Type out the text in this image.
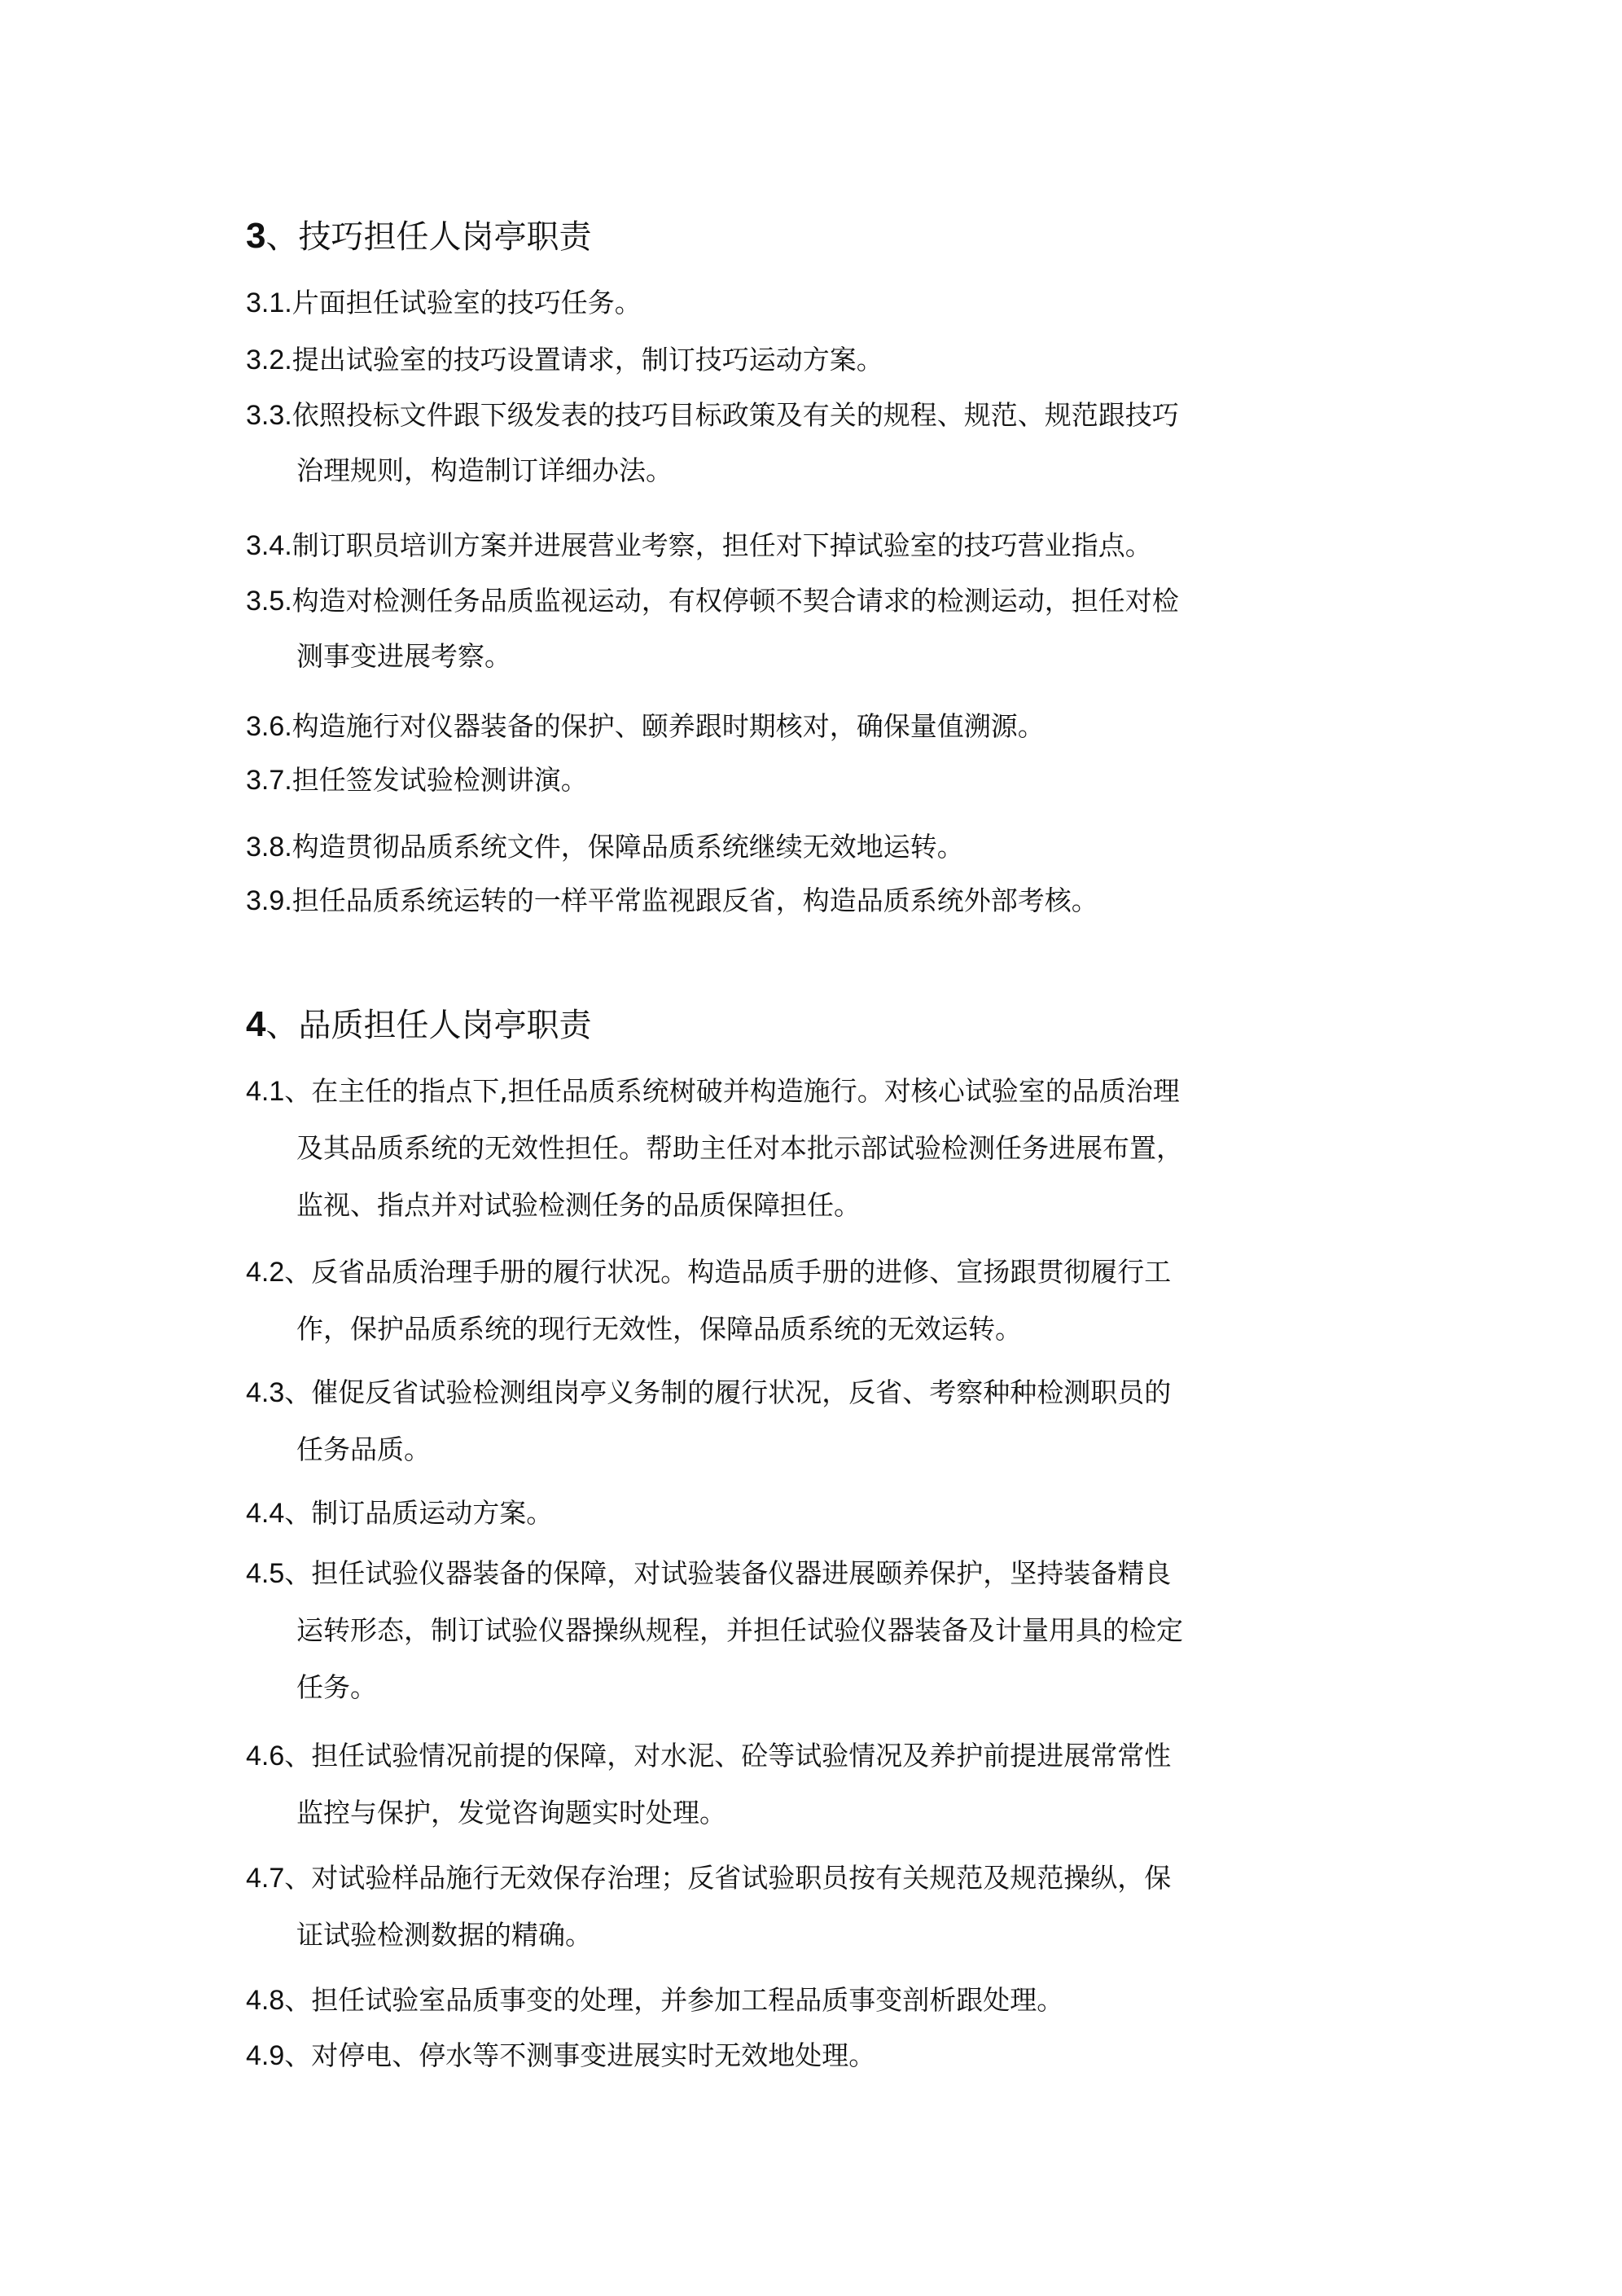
3、技巧担任人岗亭职责
3.1.片面担任试验室的技巧任务。
3.2.提出试验室的技巧设置请求，制订技巧运动方案。
3.3.依照投标文件跟下级发表的技巧目标政策及有关的规程、规范、规范跟技巧
治理规则，构造制订详细办法。
3.4.制订职员培训方案并进展营业考察，担任对下掉试验室的技巧营业指点。
3.5.构造对检测任务品质监视运动，有权停顿不契合请求的检测运动，担任对检
测事变进展考察。
3.6.构造施行对仪器装备的保护、颐养跟时期核对，确保量值溯源。
3.7.担任签发试验检测讲演。
3.8.构造贯彻品质系统文件，保障品质系统继续无效地运转。
3.9.担任品质系统运转的一样平常监视跟反省，构造品质系统外部考核。
4、品质担任人岗亭职责
4.1、在主任的指点下,担任品质系统树破并构造施行。对核心试验室的品质治理
及其品质系统的无效性担任。帮助主任对本批示部试验检测任务进展布置，
监视、指点并对试验检测任务的品质保障担任。
4.2、反省品质治理手册的履行状况。构造品质手册的进修、宣扬跟贯彻履行工
作，保护品质系统的现行无效性，保障品质系统的无效运转。
4.3、催促反省试验检测组岗亭义务制的履行状况，反省、考察种种检测职员的
任务品质。
4.4、制订品质运动方案。
4.5、担任试验仪器装备的保障，对试验装备仪器进展颐养保护，坚持装备精良
运转形态，制订试验仪器操纵规程，并担任试验仪器装备及计量用具的检定
任务。
4.6、担任试验情况前提的保障，对水泥、砼等试验情况及养护前提进展常常性
监控与保护，发觉咨询题实时处理。
4.7、对试验样品施行无效保存治理；反省试验职员按有关规范及规范操纵，保
证试验检测数据的精确。
4.8、担任试验室品质事变的处理，并参加工程品质事变剖析跟处理。
4.9、对停电、停水等不测事变进展实时无效地处理。
